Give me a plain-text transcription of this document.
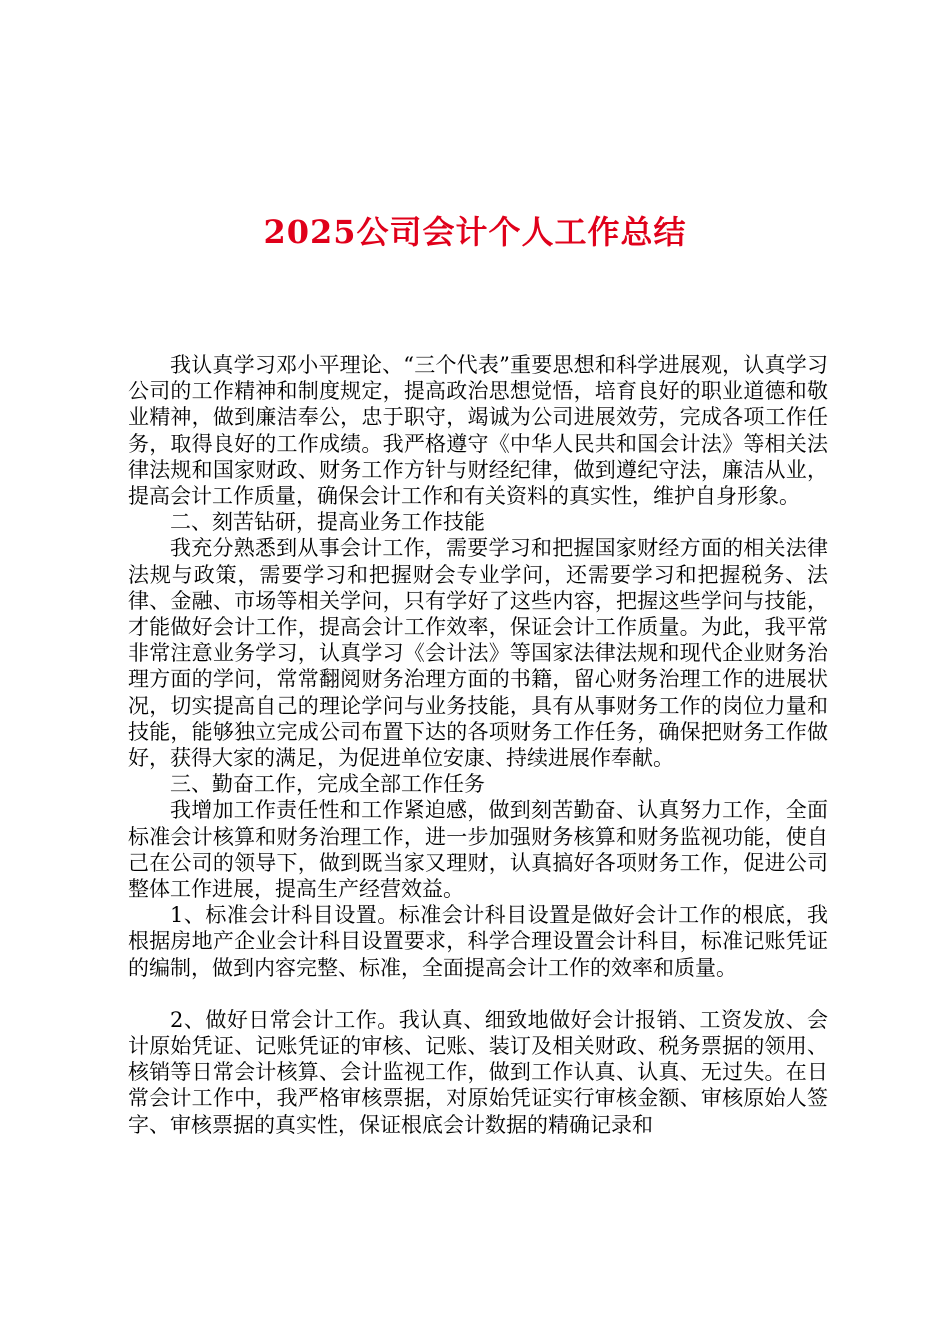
2025公司会计个人工作总结

我认真学习邓小平理论、“三个代表”重要思想和科学进展观，认真学习公司的工作精神和制度规定，提高政治思想觉悟，培育良好的职业道德和敬业精神，做到廉洁奉公，忠于职守，竭诚为公司进展效劳，完成各项工作任务，取得良好的工作成绩。我严格遵守《中华人民共和国会计法》等相关法律法规和国家财政、财务工作方针与财经纪律，做到遵纪守法，廉洁从业，提高会计工作质量，确保会计工作和有关资料的真实性，维护自身形象。

二、刻苦钻研，提高业务工作技能

我充分熟悉到从事会计工作，需要学习和把握国家财经方面的相关法律法规与政策，需要学习和把握财会专业学问，还需要学习和把握税务、法律、金融、市场等相关学问，只有学好了这些内容，把握这些学问与技能，才能做好会计工作，提高会计工作效率，保证会计工作质量。为此，我平常非常注意业务学习，认真学习《会计法》等国家法律法规和现代企业财务治理方面的学问，常常翻阅财务治理方面的书籍，留心财务治理工作的进展状况，切实提高自己的理论学问与业务技能，具有从事财务工作的岗位力量和技能，能够独立完成公司布置下达的各项财务工作任务，确保把财务工作做好，获得大家的满足，为促进单位安康、持续进展作奉献。

三、勤奋工作，完成全部工作任务

我增加工作责任性和工作紧迫感，做到刻苦勤奋、认真努力工作，全面标准会计核算和财务治理工作，进一步加强财务核算和财务监视功能，使自己在公司的领导下，做到既当家又理财，认真搞好各项财务工作，促进公司整体工作进展，提高生产经营效益。

1、标准会计科目设置。标准会计科目设置是做好会计工作的根底，我根据房地产企业会计科目设置要求，科学合理设置会计科目，标准记账凭证的编制，做到内容完整、标准，全面提高会计工作的效率和质量。

2、做好日常会计工作。我认真、细致地做好会计报销、工资发放、会计原始凭证、记账凭证的审核、记账、装订及相关财政、税务票据的领用、核销等日常会计核算、会计监视工作，做到工作认真、认真、无过失。在日常会计工作中，我严格审核票据，对原始凭证实行审核金额、审核原始人签字、审核票据的真实性，保证根底会计数据的精确记录和
